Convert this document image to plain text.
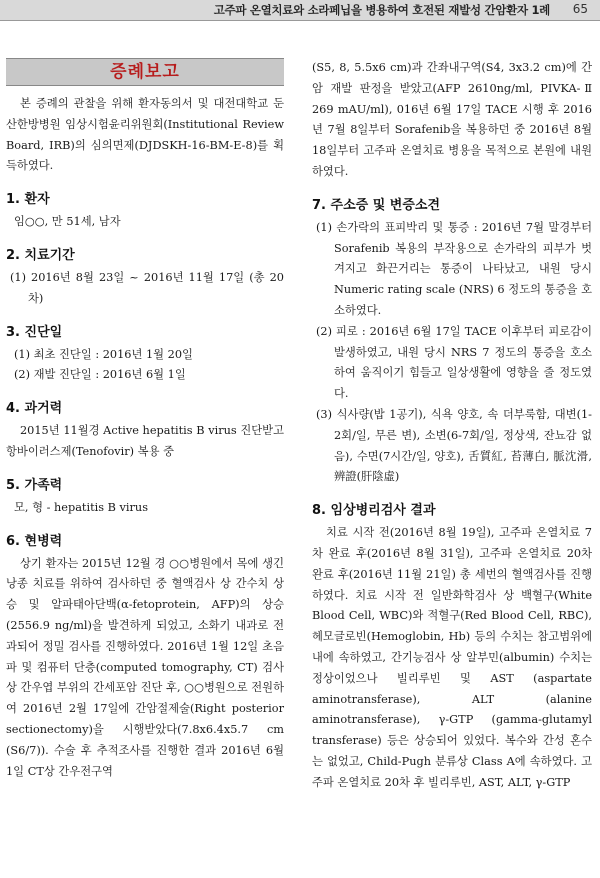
고주파 온열치료와 소라페닙을 병용하여 호전된 재발성 간암환자 1례 65
증례보고

본 증례의 관찰을 위해 환자동의서 및 대전대학교 둔산한방병원 임상시험윤리위원회(Institutional Review Board, IRB)의 심의면제(DJDSKH-16-BM-E-8)를 획득하였다.

1. 환자

임○○, 만 51세, 남자

2. 치료기간

(1) 2016년 8월 23일 ~ 2016년 11월 17일 (총 20차)

3. 진단일

(1) 최초 진단일 : 2016년 1월 20일

(2) 재발 진단일 : 2016년 6월 1일

4. 과거력

2015년 11월경 Active hepatitis B virus 진단받고 항바이러스제(Tenofovir) 복용 중

5. 가족력

모, 형 - hepatitis B virus

6. 현병력

상기 환자는 2015년 12월 경 ○○병원에서 목에 생긴 낭종 치료를 위하여 검사하던 중 혈액검사 상 간수치 상승 및 알파태아단백(α-fetoprotein, AFP)의 상승(2556.9 ng/ml)을 발견하게 되었고, 소화기 내과로 전과되어 정밀 검사를 진행하였다. 2016년 1월 12일 초음파 및 컴퓨터 단층(computed tomography, CT) 검사 상 간우엽 부위의 간세포암 진단 후, ○○병원으로 전원하여 2016년 2월 17일에 간암절제술(Right posterior sectionectomy)을 시행받았다(7.8x6.4x5.7 cm (S6/7)). 수술 후 추적조사를 진행한 결과 2016년 6월 1일 CT상 간우전구역

(S5, 8, 5.5x6 cm)과 간좌내구역(S4, 3x3.2 cm)에 간암 재발 판정을 받았고(AFP 2610ng/ml, PIVKA-Ⅱ 269 mAU/ml), 016년 6월 17일 TACE 시행 후 2016년 7월 8일부터 Sorafenib을 복용하던 중 2016년 8월 18일부터 고주파 온열치료 병용을 목적으로 본원에 내원하였다.

7. 주소증 및 변증소견

(1) 손가락의 표피박리 및 통증 : 2016년 7월 말경부터 Sorafenib 복용의 부작용으로 손가락의 피부가 벗겨지고 화끈거리는 통증이 나타났고, 내원 당시 Numeric rating scale (NRS) 6 정도의 통증을 호소하였다.

(2) 피로 : 2016년 6월 17일 TACE 이후부터 피로감이 발생하였고, 내원 당시 NRS 7 정도의 통증을 호소하여 움직이기 힘들고 일상생활에 영향을 줄 정도였다.

(3) 식사량(밥 1공기), 식욕 양호, 속 더부룩함, 대변(1-2회/일, 무른 변), 소변(6-7회/일, 정상색, 잔뇨감 없음), 수면(7시간/일, 양호), 舌質紅, 苔薄白, 脈沈滑, 辨證(肝陰虛)

8. 임상병리검사 결과

치료 시작 전(2016년 8월 19일), 고주파 온열치료 7차 완료 후(2016년 8월 31일), 고주파 온열치료 20차 완료 후(2016년 11월 21일) 총 세번의 혈액검사를 진행하였다. 치료 시작 전 일반화학검사 상 백혈구(White Blood Cell, WBC)와 적혈구(Red Blood Cell, RBC), 헤모글로빈(Hemoglobin, Hb) 등의 수치는 참고범위에 내에 속하였고, 간기능검사 상 알부민(albumin) 수치는 정상이었으나 빌리루빈 및 AST (aspartate aminotransferase), ALT (alanine aminotransferase), γ-GTP (gamma-glutamyl transferase) 등은 상승되어 있었다. 복수와 간성 혼수는 없었고, Child-Pugh 분류상 Class A에 속하였다. 고주파 온열치료 20차 후 빌리루빈, AST, ALT, γ-GTP
